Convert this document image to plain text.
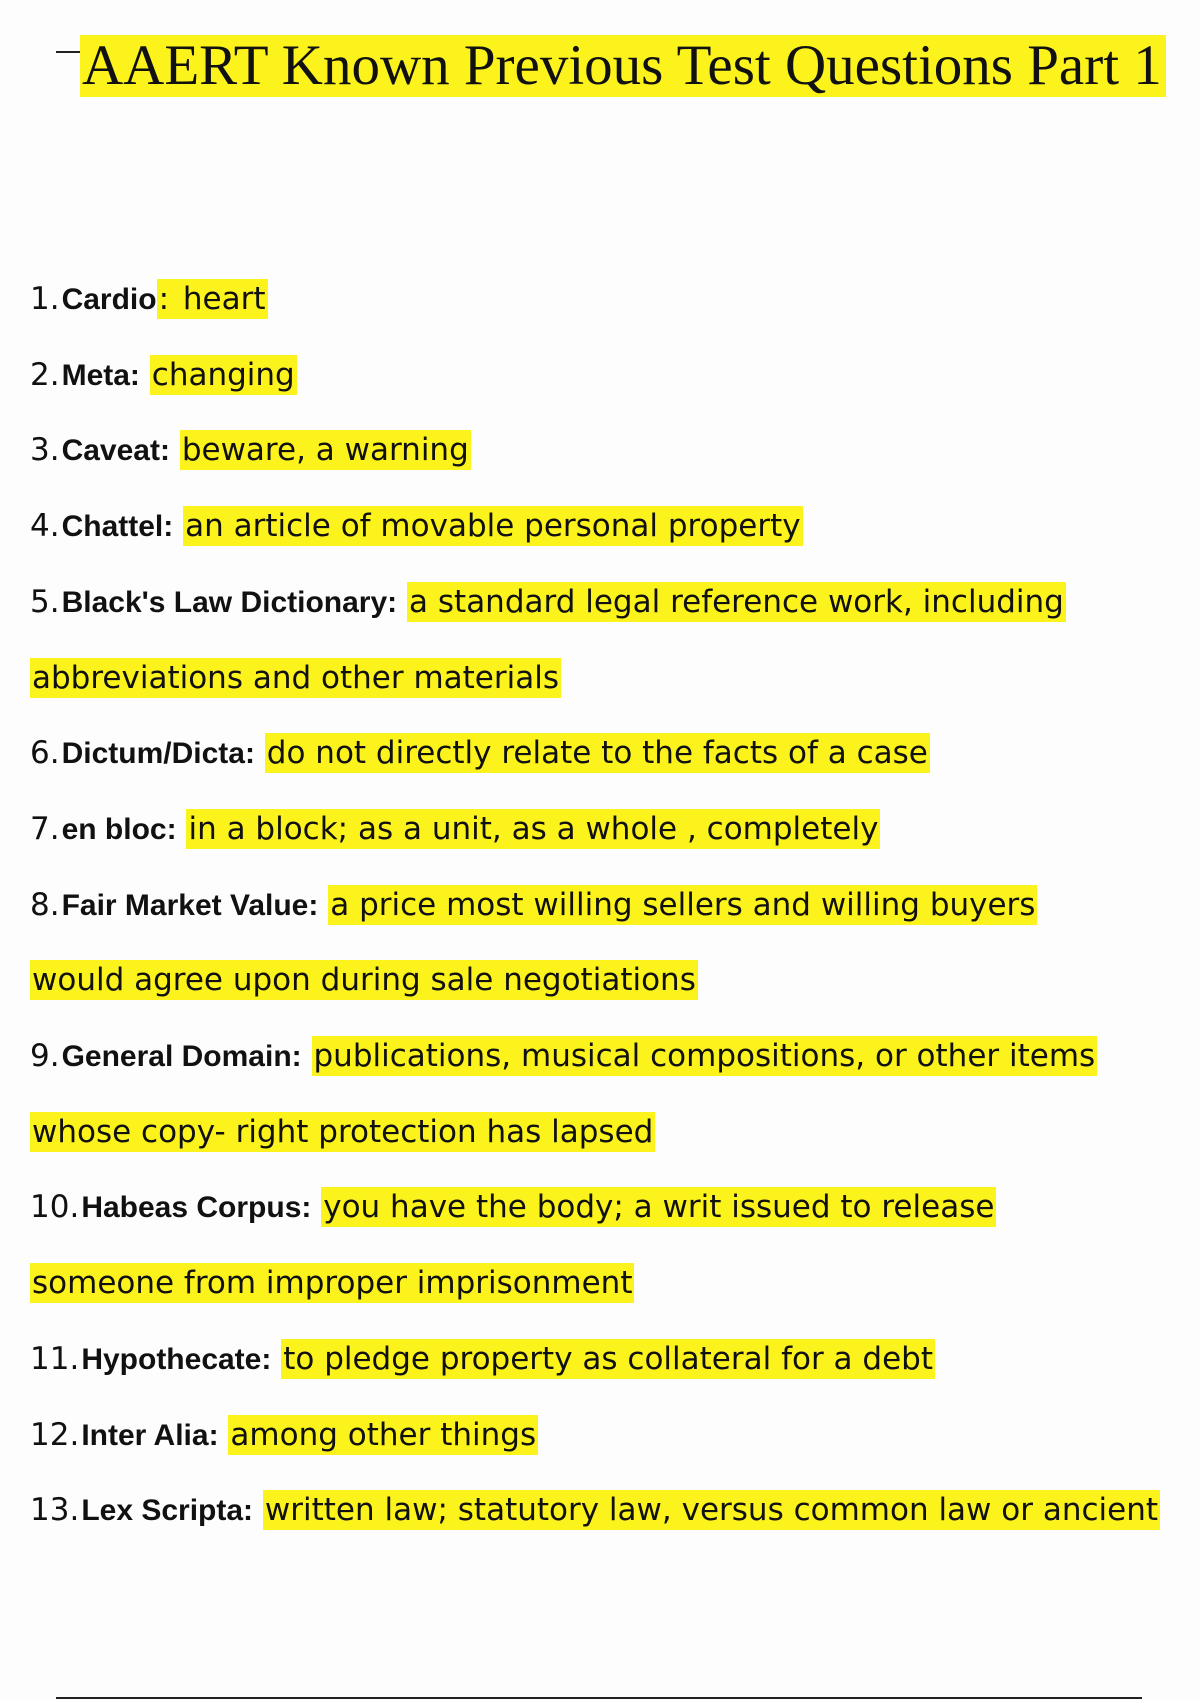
AAERT Known Previous Test Questions Part 1
1.Cardio: heart
2.Meta: changing
3.Caveat: beware, a warning
4.Chattel: an article of movable personal property
5.Black's Law Dictionary: a standard legal reference work, including
abbreviations and other materials
6.Dictum/Dicta: do not directly relate to the facts of a case
7.en bloc: in a block; as a unit, as a whole , completely
8.Fair Market Value: a price most willing sellers and willing buyers
would agree upon during sale negotiations
9.General Domain: publications, musical compositions, or other items
whose copy- right protection has lapsed
10.Habeas Corpus: you have the body; a writ issued to release
someone from improper imprisonment
11.Hypothecate: to pledge property as collateral for a debt
12.Inter Alia: among other things
13.Lex Scripta: written law; statutory law, versus common law or ancient
